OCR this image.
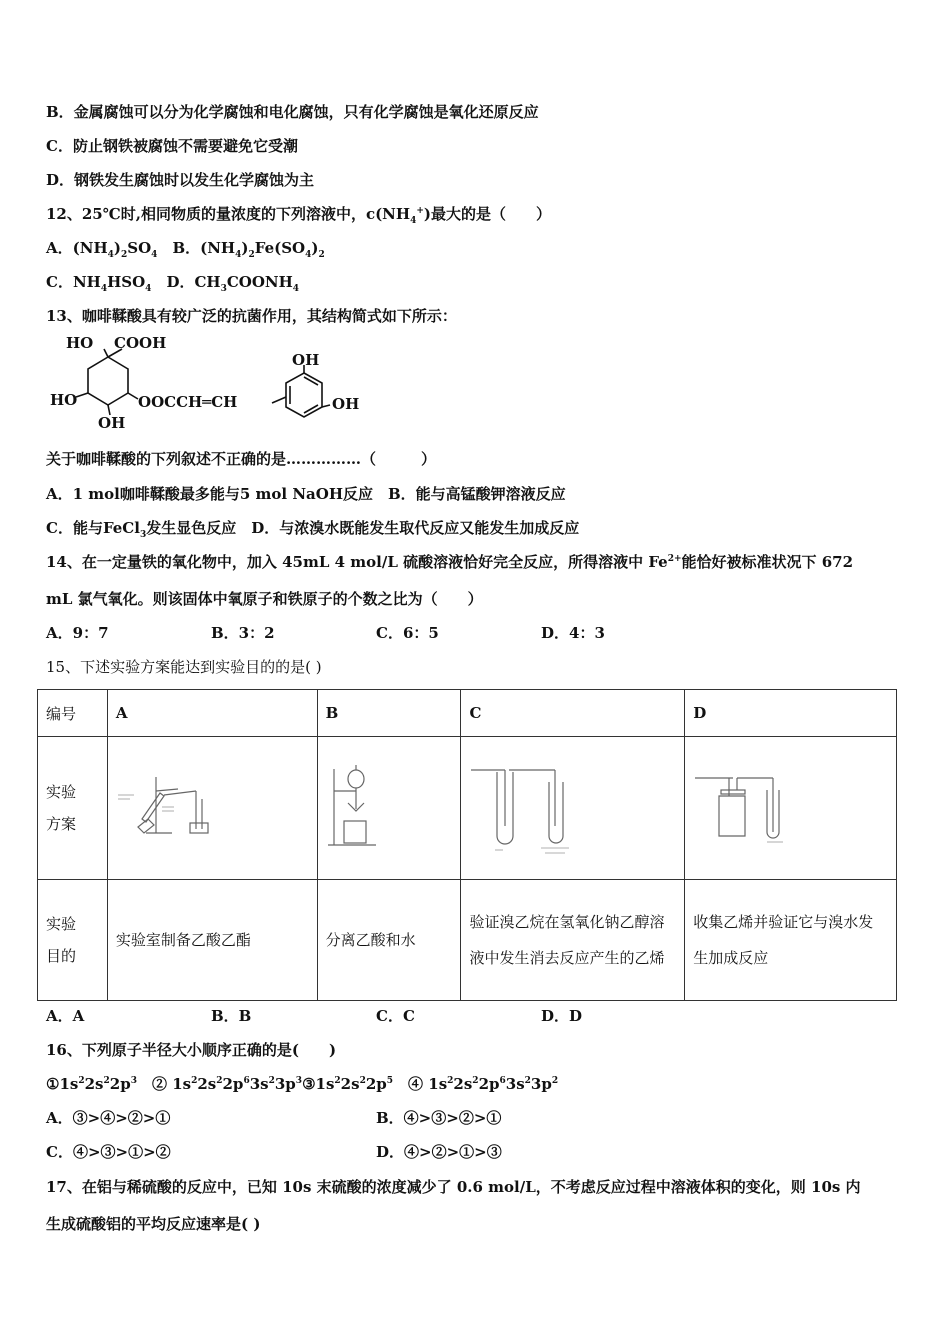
B．金属腐蚀可以分为化学腐蚀和电化腐蚀，只有化学腐蚀是氧化还原反应
C．防止钢铁被腐蚀不需要避免它受潮
D．钢铁发生腐蚀时以发生化学腐蚀为主
12、25℃时,相同物质的量浓度的下列溶液中，$c(NH_4^+)$最大的是（　　）
A．$(NH_4)_2SO_4$　B．$(NH_4)_2Fe(SO_4)_2$
C．$NH_4HSO_4$　D．$CH_3COONH_4$
13、咖啡鞣酸具有较广泛的抗菌作用，其结构简式如下所示：
HO COOH
HO
OH
OOCCH═CH
OH
OH
关于咖啡鞣酸的下列叙述不正确的是……………（　　　）
A．1 mol咖啡鞣酸最多能与5 mol NaOH反应　B．能与高锰酸钾溶液反应
C．能与FeCl$_3$发生显色反应　D．与浓溴水既能发生取代反应又能发生加成反应
14、在一定量铁的氧化物中，加入 45mL 4 mol/L 硫酸溶液恰好完全反应，所得溶液中 $Fe^{2+}$能恰好被标准状况下 672
mL 氯气氧化。则该固体中氧原子和铁原子的个数之比为（　　）
A．9：7	B．3：2	C．6：5	D．4：3
15、下述实验方案能达到实验目的的是( )
编号	A	B	C	D
实验
方案				
实验
目的	实验室制备乙酸乙酯	分离乙酸和水	验证溴乙烷在氢氧化钠乙醇溶液中发生消去反应产生的乙烯	收集乙烯并验证它与溴水发生加成反应
A．A	B．B	C．C	D．D
16、下列原子半径大小顺序正确的是(　　)
$①1s^22s^22p^3$　② $1s^22s^22p^63s^23p^3③1s^22s^22p^5$　④ $1s^22s^22p^63s^23p^2$
A．③>④>②>①	B．④>③>②>①
C．④>③>①>②	D．④>②>①>③
17、在铝与稀硫酸的反应中，已知 10s 末硫酸的浓度减少了 0.6 mol/L，不考虑反应过程中溶液体积的变化，则 10s 内
生成硫酸铝的平均反应速率是( )
